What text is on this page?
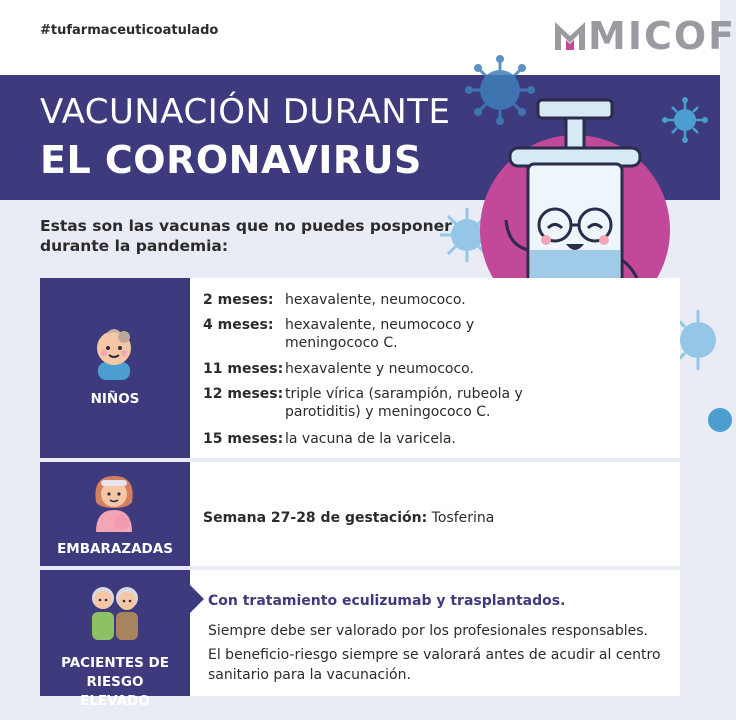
#tufarmaceuticoatulado	MICOF
VACUNACIÓN DURANTE
EL CORONAVIRUS
Estas son las vacunas que no puedes posponer durante la pandemia:
NIÑOS
2 meses: hexavalente, neumococo.
4 meses: hexavalente, neumococo y meningococo C.
11 meses: hexavalente y neumococo.
12 meses: triple vírica (sarampión, rubeola y parotiditis) y meningococo C.
15 meses: la vacuna de la varicela.
EMBARAZADAS
Semana 27-28 de gestación: Tosferina
PACIENTES DE RIESGO ELEVADO
Con tratamiento eculizumab y trasplantados.
Siempre debe ser valorado por los profesionales responsables.
El beneficio-riesgo siempre se valorará antes de acudir al centro sanitario para la vacunación.
